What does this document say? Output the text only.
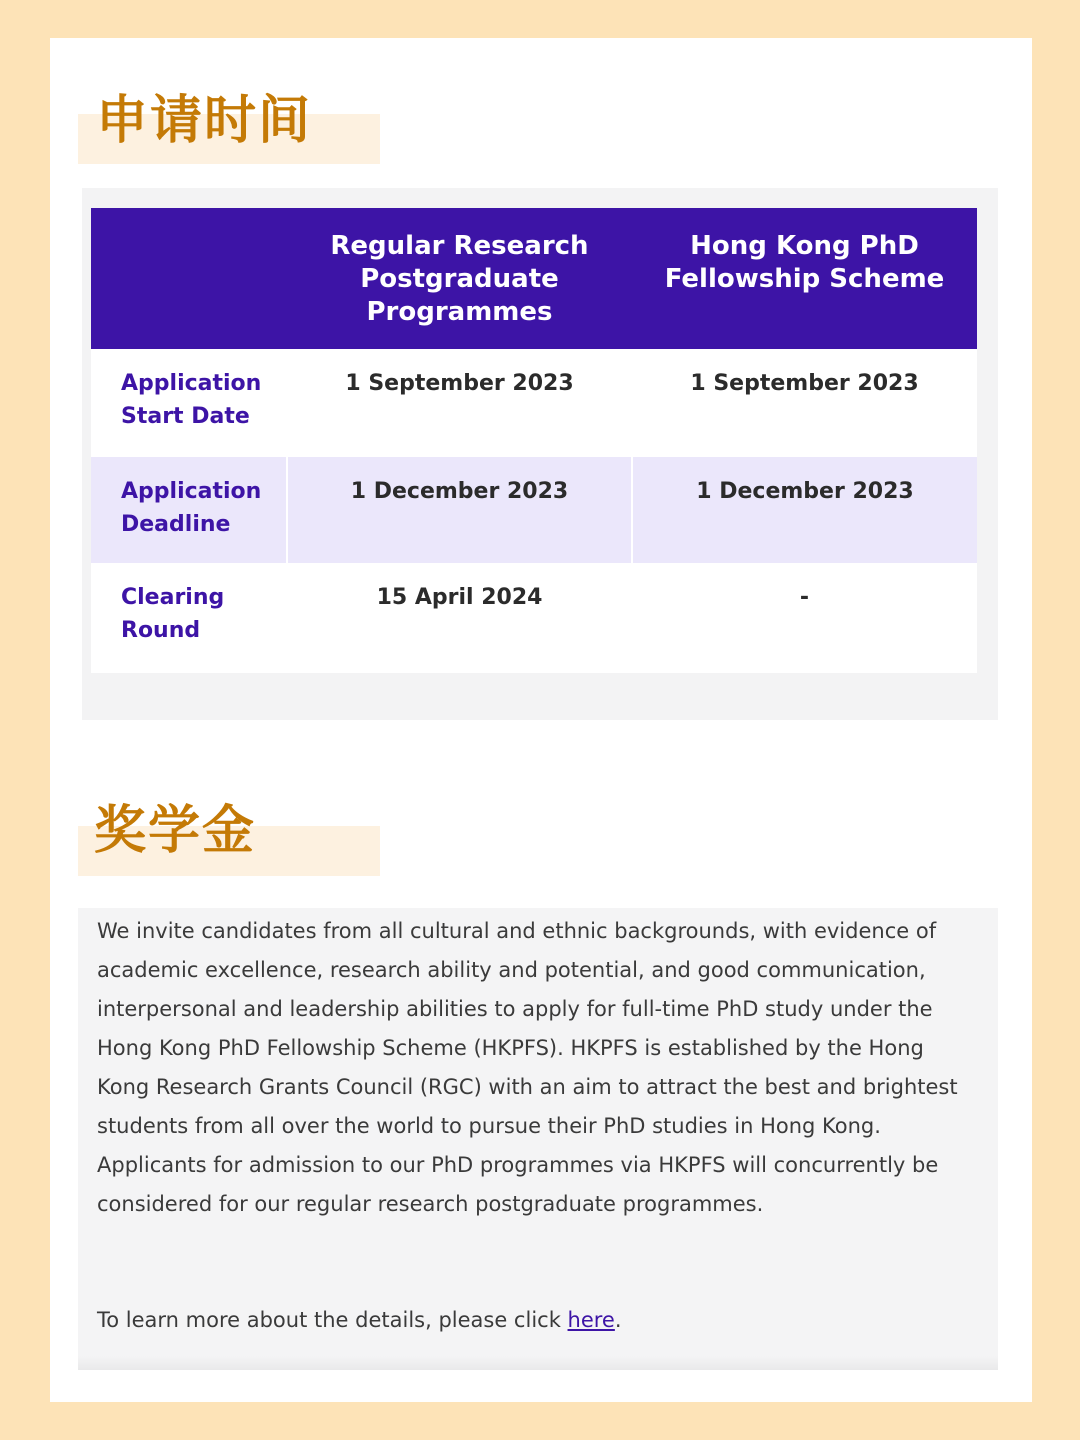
申请时间
	Regular Research Postgraduate Programmes	Hong Kong PhD Fellowship Scheme
Application Start Date	1 September 2023	1 September 2023
Application Deadline	1 December 2023	1 December 2023
Clearing Round	15 April 2024	-
奖学金

We invite candidates from all cultural and ethnic backgrounds, with evidence of academic excellence, research ability and potential, and good communication, interpersonal and leadership abilities to apply for full-time PhD study under the Hong Kong PhD Fellowship Scheme (HKPFS). HKPFS is established by the Hong Kong Research Grants Council (RGC) with an aim to attract the best and brightest students from all over the world to pursue their PhD studies in Hong Kong. Applicants for admission to our PhD programmes via HKPFS will concurrently be considered for our regular research postgraduate programmes.

To learn more about the details, please click here.
